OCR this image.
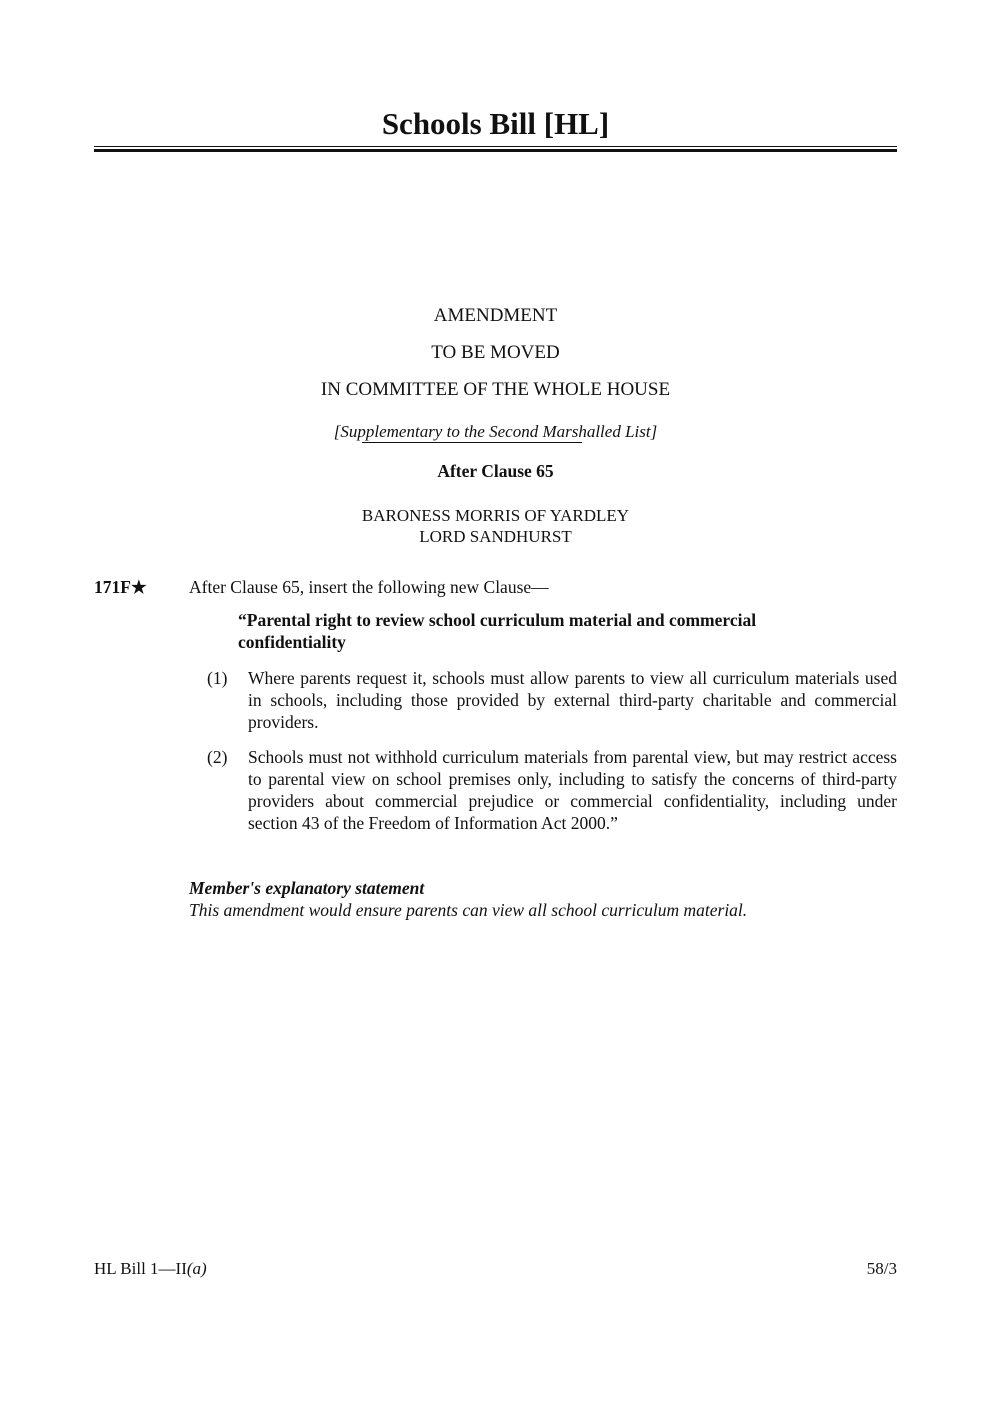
Schools Bill [HL]
AMENDMENT
TO BE MOVED
IN COMMITTEE OF THE WHOLE HOUSE
[Supplementary to the Second Marshalled List]
After Clause 65
BARONESS MORRIS OF YARDLEY
LORD SANDHURST
171F★ After Clause 65, insert the following new Clause—
“Parental right to review school curriculum material and commercial confidentiality
(1) Where parents request it, schools must allow parents to view all curriculum materials used in schools, including those provided by external third-party charitable and commercial providers.
(2) Schools must not withhold curriculum materials from parental view, but may restrict access to parental view on school premises only, including to satisfy the concerns of third-party providers about commercial prejudice or commercial confidentiality, including under section 43 of the Freedom of Information Act 2000.”
Member's explanatory statement
This amendment would ensure parents can view all school curriculum material.
HL Bill 1—II(a)	58/3
